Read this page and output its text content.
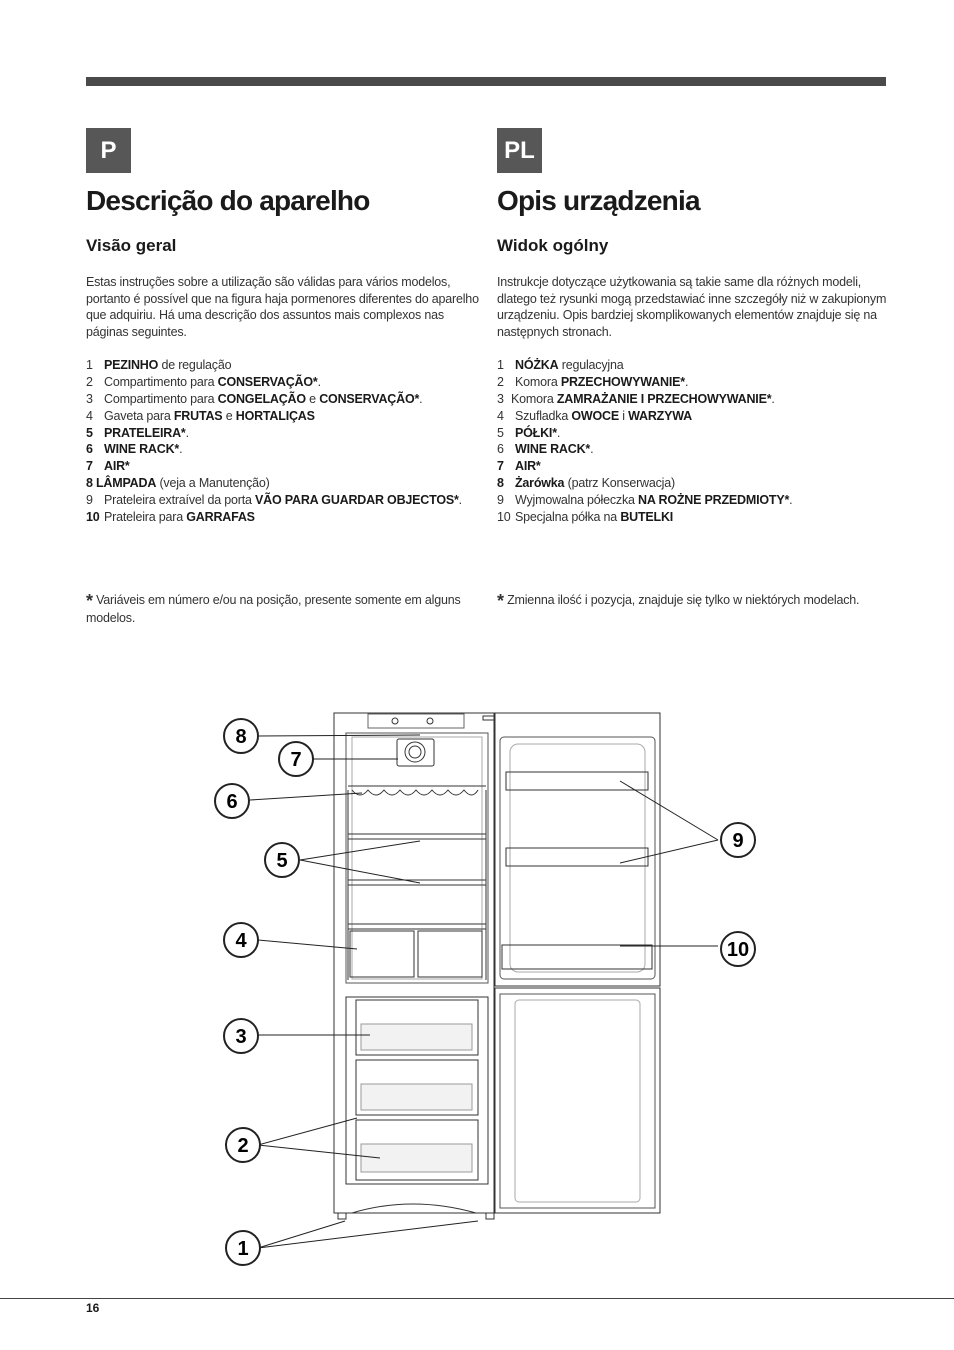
P
Descrição do aparelho
Visão geral

Estas instruções sobre a utilização são válidas para vários modelos, portanto é possível que na figura haja pormenores diferentes do aparelho que adquiriu. Há uma descrição dos assuntos mais complexos nas páginas seguintes.

1 PEZINHO de regulação
2 Compartimento para CONSERVAÇÃO*.
3 Compartimento para CONGELAÇÃO e CONSERVAÇÃO*.
4 Gaveta para FRUTAS e HORTALIÇAS
5 PRATELEIRA*.
6 WINE RACK*.
7 AIR*
8 LÂMPADA (veja a Manutenção)
9 Prateleira extraível da porta VÃO PARA GUARDAR OBJECTOS*.
10 Prateleira para GARRAFAS
PL
Opis urządzenia
Widok ogólny

Instrukcje dotyczące użytkowania są takie same dla różnych modeli, dlatego też rysunki mogą przedstawiać inne szczegóły niż w zakupionym urządzeniu. Opis bardziej skomplikowanych elementów znajduje się na następnych stronach.

1 NÓŻKA regulacyjna
2 Komora PRZECHOWYWANIE*.
3 Komora ZAMRAŻANIE I PRZECHOWYWANIE*.
4 Szufladka OWOCE i WARZYWA
5 PÓŁKI*.
6 WINE RACK*.
7 AIR*
8 Żarówka (patrz Konserwacja)
9 Wyjmowalna półeczka NA ROŻNE PRZEDMIOTY*.
10 Specjalna półka na BUTELKI
* Variáveis em número e/ou na posição, presente somente em alguns modelos.
* Zmienna ilość i pozycja, znajduje się tylko w niektórych modelach.
8
7
6
5
4
3
2
1
9
10
16
